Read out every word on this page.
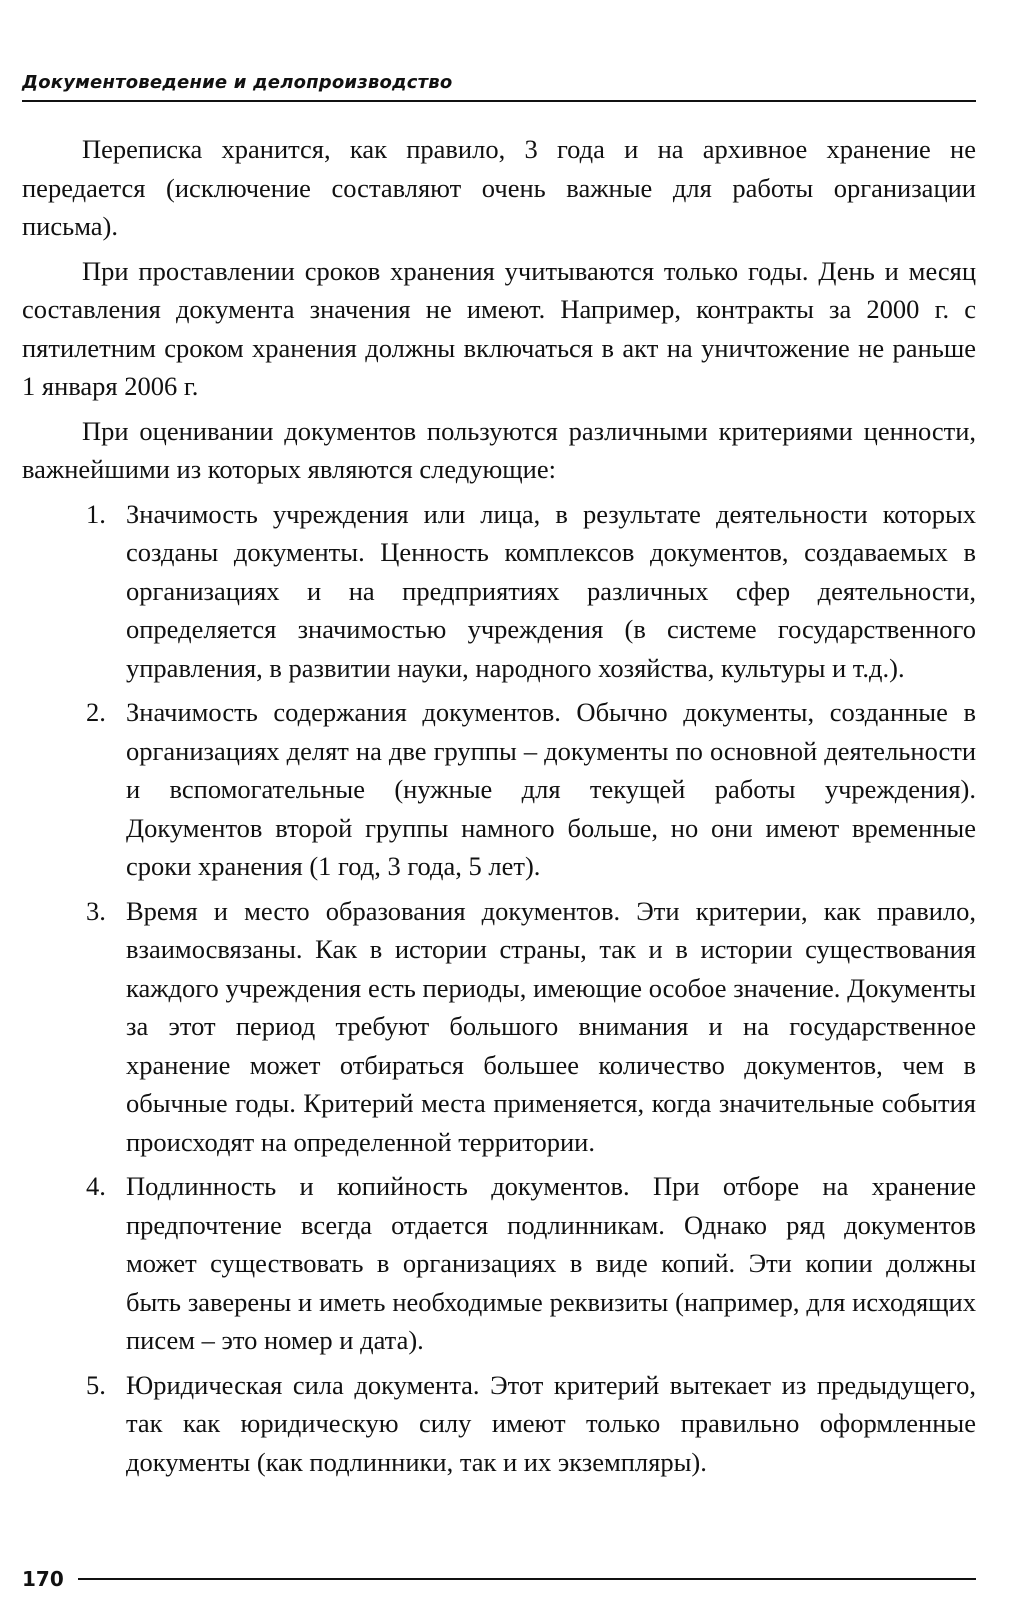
Документоведение и делопроизводство

Переписка хранится, как правило, 3 года и на архивное хранение не передается (исключение составляют очень важные для работы организации письма).

При проставлении сроков хранения учитываются только годы. День и месяц составления документа значения не имеют. Например, контракты за 2000 г. с пятилетним сроком хранения должны включаться в акт на уничтожение не раньше 1 января 2006 г.

При оценивании документов пользуются различными критериями ценности, важнейшими из которых являются следующие:

1. Значимость учреждения или лица, в результате деятельности которых созданы документы. Ценность комплексов документов, создаваемых в организациях и на предприятиях различных сфер деятельности, определяется значимостью учреждения (в системе государственного управления, в развитии науки, народного хозяйства, культуры и т.д.).
2. Значимость содержания документов. Обычно документы, созданные в организациях делят на две группы – документы по основной деятельности и вспомогательные (нужные для текущей работы учреждения). Документов второй группы намного больше, но они имеют временные сроки хранения (1 год, 3 года, 5 лет).
3. Время и место образования документов. Эти критерии, как правило, взаимосвязаны. Как в истории страны, так и в истории существования каждого учреждения есть периоды, имеющие особое значение. Документы за этот период требуют большого внимания и на государственное хранение может отбираться большее количество документов, чем в обычные годы. Критерий места применяется, когда значительные события происходят на определенной территории.
4. Подлинность и копийность документов. При отборе на хранение предпочтение всегда отдается подлинникам. Однако ряд документов может существовать в организациях в виде копий. Эти копии должны быть заверены и иметь необходимые реквизиты (например, для исходящих писем – это номер и дата).
5. Юридическая сила документа. Этот критерий вытекает из предыдущего, так как юридическую силу имеют только правильно оформленные документы (как подлинники, так и их экземпляры).
170
